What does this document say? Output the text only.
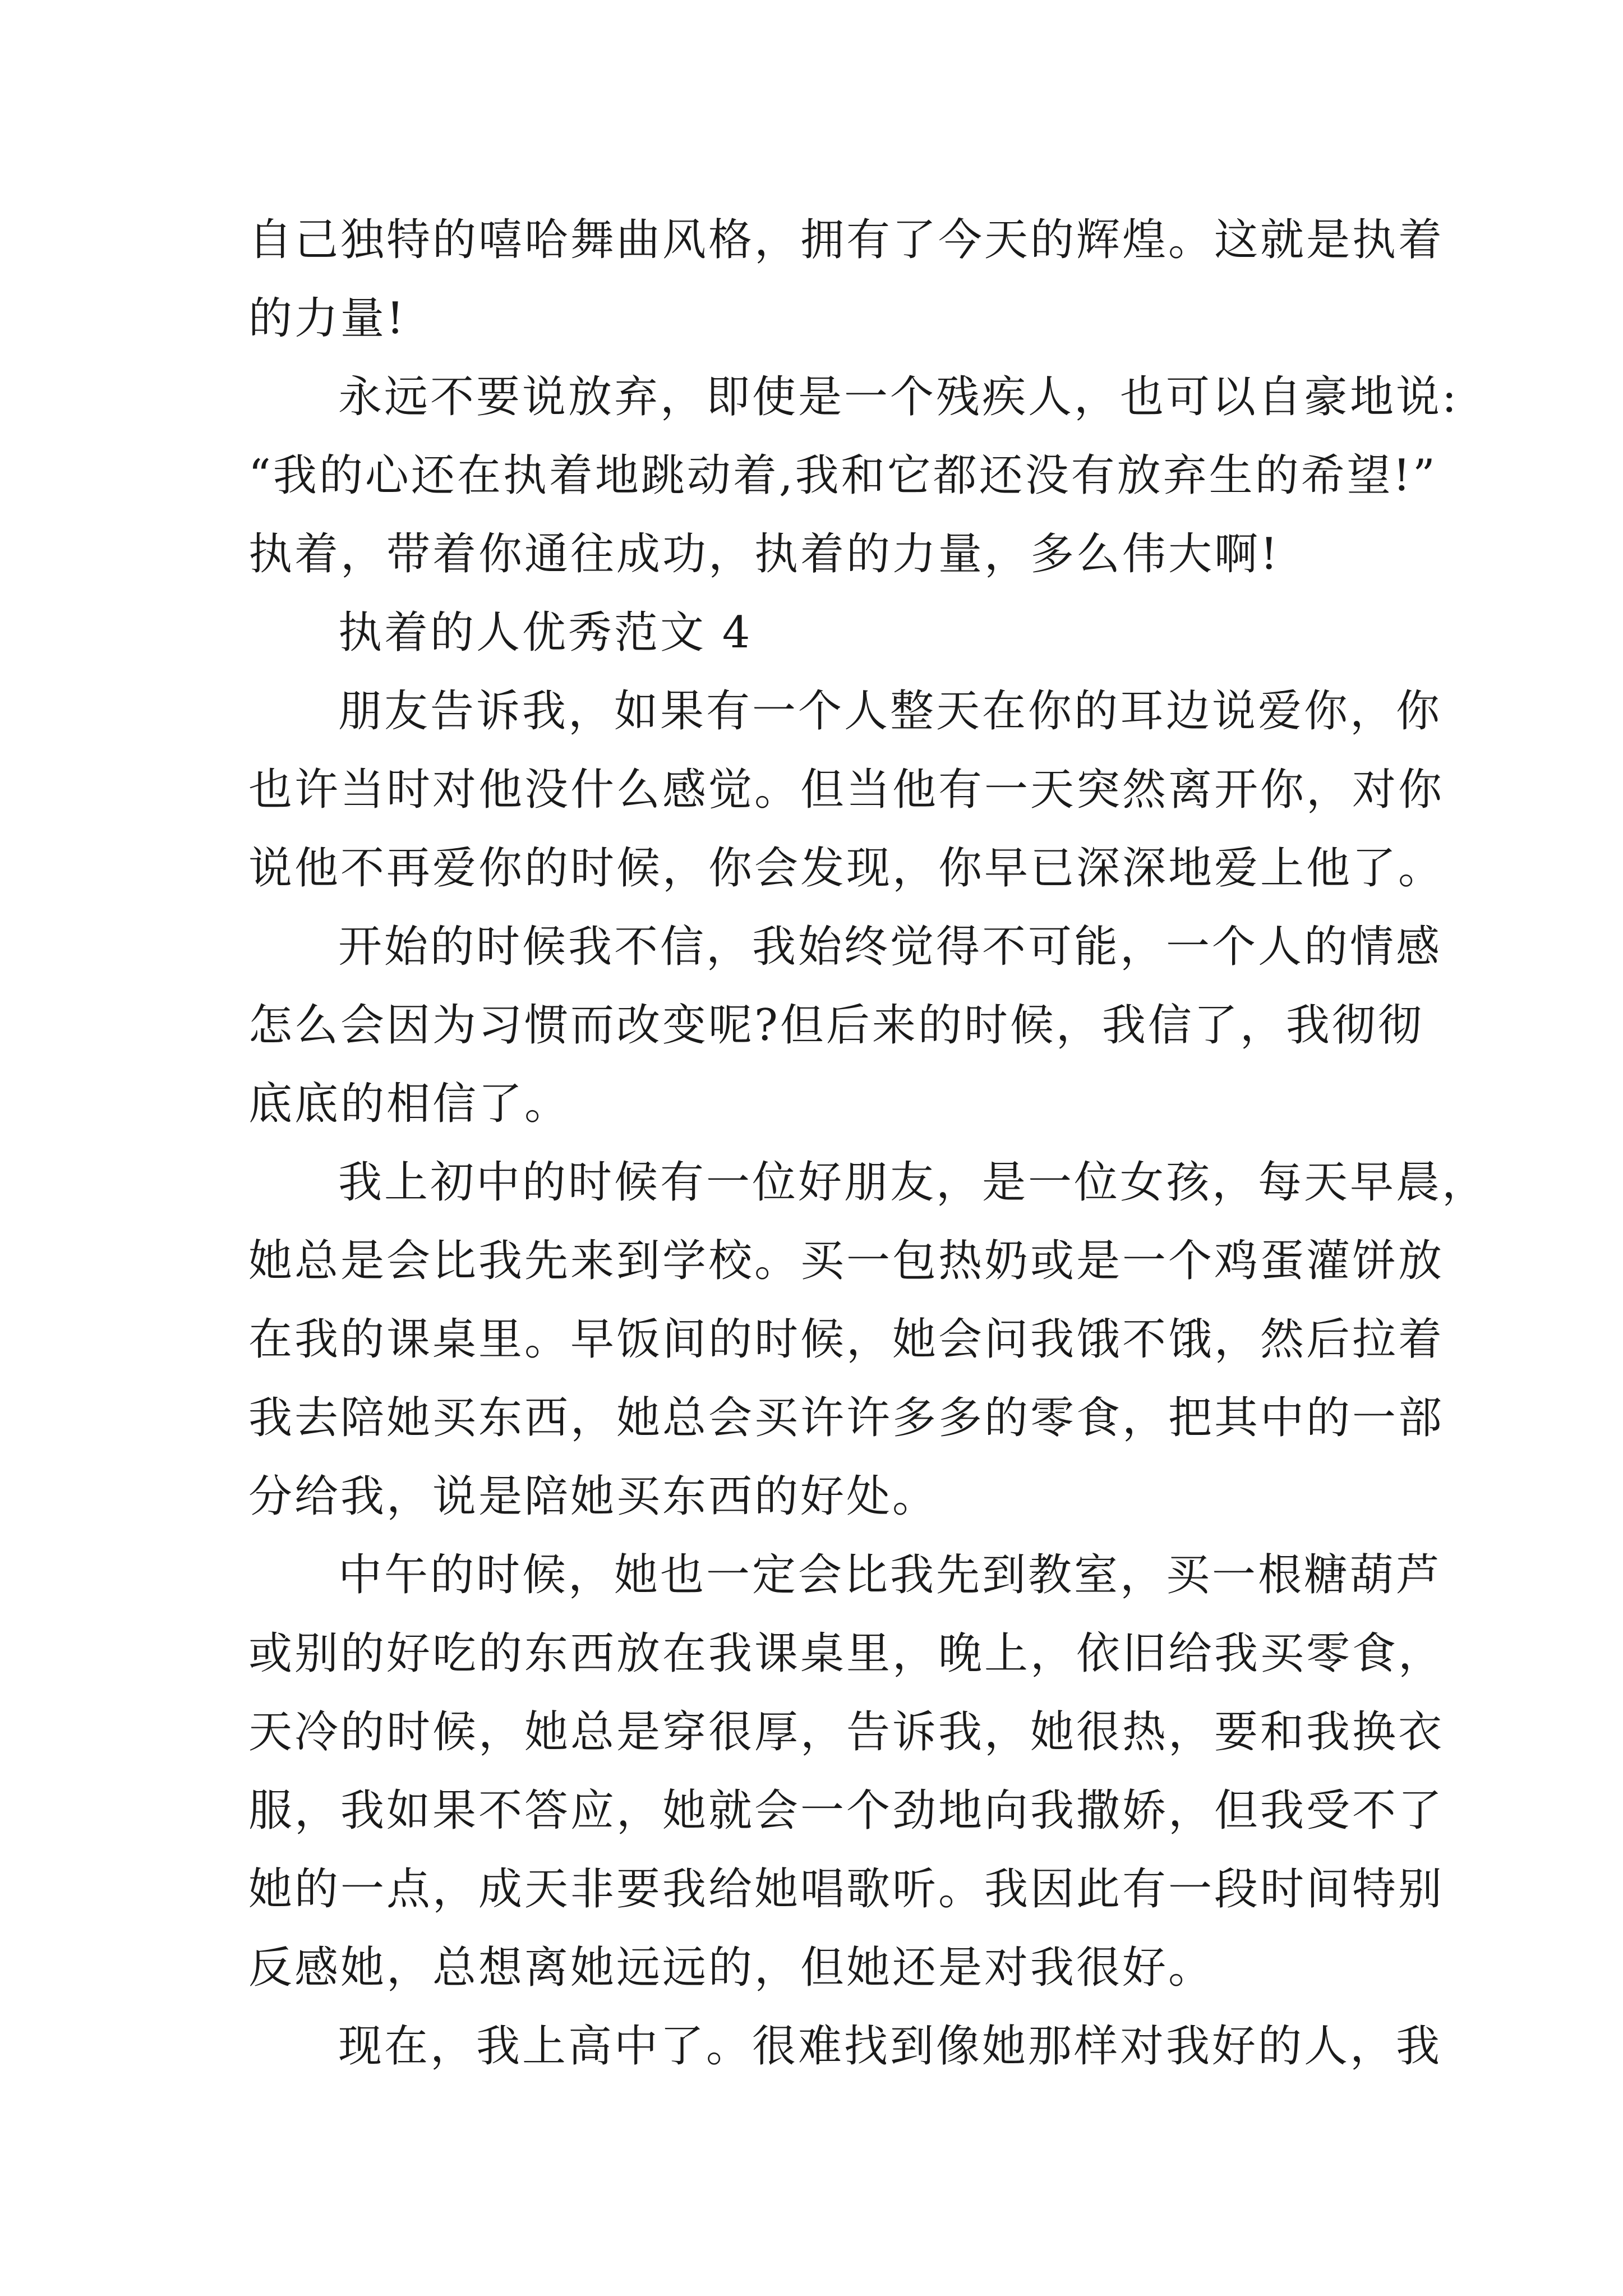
自己独特的嘻哈舞曲风格，拥有了今天的辉煌。这就是执着
的力量!
永远不要说放弃，即使是一个残疾人，也可以自豪地说:
“我的心还在执着地跳动着,我和它都还没有放弃生的希望!”
执着，带着你通往成功，执着的力量，多么伟大啊!
执着的人优秀范文 4
朋友告诉我，如果有一个人整天在你的耳边说爱你，你
也许当时对他没什么感觉。但当他有一天突然离开你，对你
说他不再爱你的时候，你会发现，你早已深深地爱上他了。
开始的时候我不信，我始终觉得不可能，一个人的情感
怎么会因为习惯而改变呢?但后来的时候，我信了，我彻彻
底底的相信了。
我上初中的时候有一位好朋友，是一位女孩，每天早晨，
她总是会比我先来到学校。买一包热奶或是一个鸡蛋灌饼放
在我的课桌里。早饭间的时候，她会问我饿不饿，然后拉着
我去陪她买东西，她总会买许许多多的零食，把其中的一部
分给我，说是陪她买东西的好处。
中午的时候，她也一定会比我先到教室，买一根糖葫芦
或别的好吃的东西放在我课桌里，晚上，依旧给我买零食，
天冷的时候，她总是穿很厚，告诉我，她很热，要和我换衣
服，我如果不答应，她就会一个劲地向我撒娇，但我受不了
她的一点，成天非要我给她唱歌听。我因此有一段时间特别
反感她，总想离她远远的，但她还是对我很好。
现在，我上高中了。很难找到像她那样对我好的人，我
